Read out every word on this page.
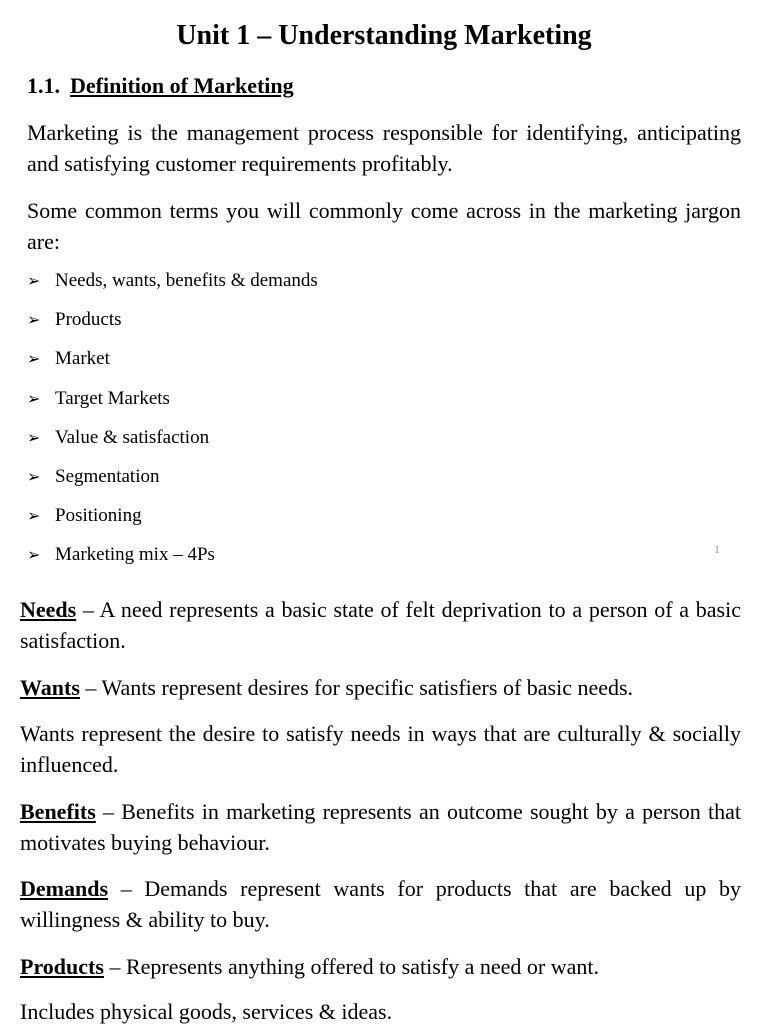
Unit 1 – Understanding Marketing
1.1. Definition of Marketing

Marketing is the management process responsible for identifying, anticipating and satisfying customer requirements profitably.

Some common terms you will commonly come across in the marketing jargon are:

➢ Needs, wants, benefits & demands
➢ Products
➢ Market
➢ Target Markets
➢ Value & satisfaction
➢ Segmentation
➢ Positioning
➢ Marketing mix – 4Ps	1

Needs – A need represents a basic state of felt deprivation to a person of a basic satisfaction.

Wants – Wants represent desires for specific satisfiers of basic needs.

Wants represent the desire to satisfy needs in ways that are culturally & socially influenced.

Benefits – Benefits in marketing represents an outcome sought by a person that motivates buying behaviour.

Demands – Demands represent wants for products that are backed up by willingness & ability to buy.

Products – Represents anything offered to satisfy a need or want.

Includes physical goods, services & ideas.
